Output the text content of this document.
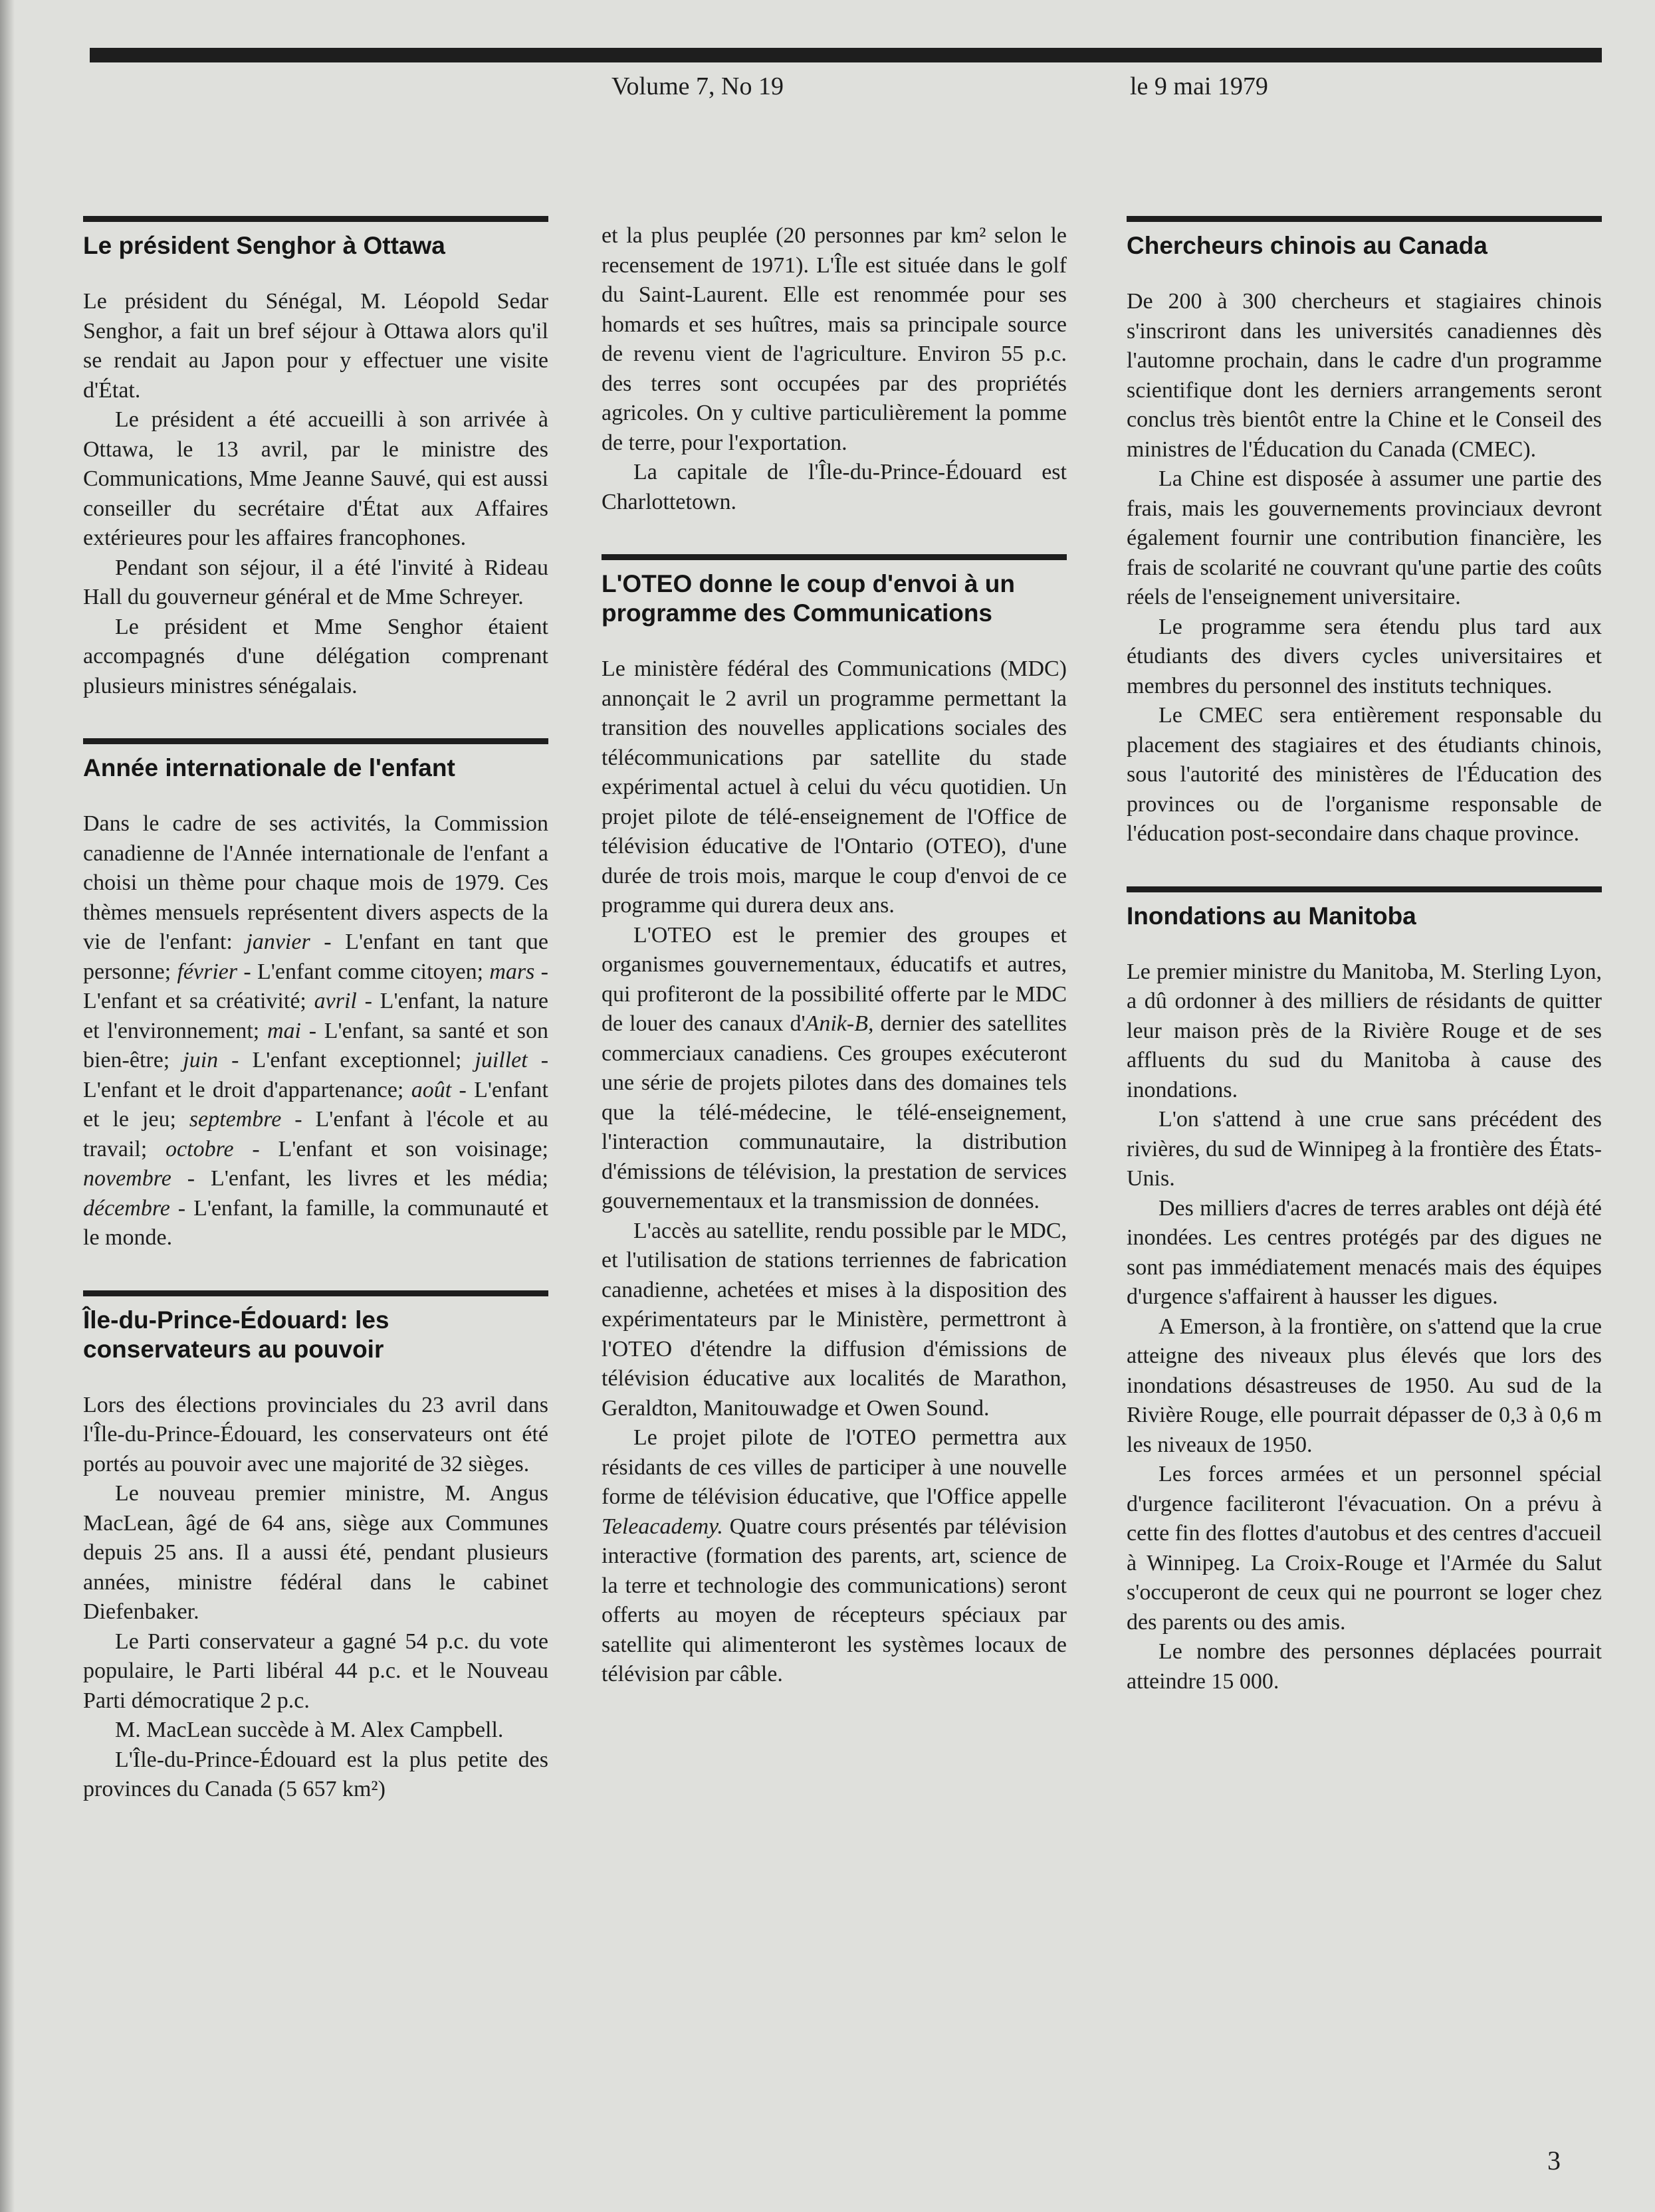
Volume 7, No 19	le 9 mai 1979
Le président Senghor à Ottawa

Le président du Sénégal, M. Léopold Sedar Senghor, a fait un bref séjour à Ottawa alors qu'il se rendait au Japon pour y effectuer une visite d'État.

Le président a été accueilli à son arrivée à Ottawa, le 13 avril, par le ministre des Communications, Mme Jeanne Sauvé, qui est aussi conseiller du secrétaire d'État aux Affaires extérieures pour les affaires francophones.

Pendant son séjour, il a été l'invité à Rideau Hall du gouverneur général et de Mme Schreyer.

Le président et Mme Senghor étaient accompagnés d'une délégation comprenant plusieurs ministres sénégalais.

Année internationale de l'enfant

Dans le cadre de ses activités, la Commission canadienne de l'Année internationale de l'enfant a choisi un thème pour chaque mois de 1979. Ces thèmes mensuels représentent divers aspects de la vie de l'enfant: janvier - L'enfant en tant que personne; février - L'enfant comme citoyen; mars - L'enfant et sa créativité; avril - L'enfant, la nature et l'environnement; mai - L'enfant, sa santé et son bien-être; juin - L'enfant exceptionnel; juillet - L'enfant et le droit d'appartenance; août - L'enfant et le jeu; septembre - L'enfant à l'école et au travail; octobre - L'enfant et son voisinage; novembre - L'enfant, les livres et les média; décembre - L'enfant, la famille, la communauté et le monde.

Île-du-Prince-Édouard: les conservateurs au pouvoir

Lors des élections provinciales du 23 avril dans l'Île-du-Prince-Édouard, les conservateurs ont été portés au pouvoir avec une majorité de 32 sièges.

Le nouveau premier ministre, M. Angus MacLean, âgé de 64 ans, siège aux Communes depuis 25 ans. Il a aussi été, pendant plusieurs années, ministre fédéral dans le cabinet Diefenbaker.

Le Parti conservateur a gagné 54 p.c. du vote populaire, le Parti libéral 44 p.c. et le Nouveau Parti démocratique 2 p.c.

M. MacLean succède à M. Alex Campbell.

L'Île-du-Prince-Édouard est la plus petite des provinces du Canada (5 657 km²)

et la plus peuplée (20 personnes par km² selon le recensement de 1971). L'Île est située dans le golf du Saint-Laurent. Elle est renommée pour ses homards et ses huîtres, mais sa principale source de revenu vient de l'agriculture. Environ 55 p.c. des terres sont occupées par des propriétés agricoles. On y cultive particulièrement la pomme de terre, pour l'exportation.

La capitale de l'Île-du-Prince-Édouard est Charlottetown.

L'OTEO donne le coup d'envoi à un programme des Communications

Le ministère fédéral des Communications (MDC) annonçait le 2 avril un programme permettant la transition des nouvelles applications sociales des télécommunications par satellite du stade expérimental actuel à celui du vécu quotidien. Un projet pilote de télé-enseignement de l'Office de télévision éducative de l'Ontario (OTEO), d'une durée de trois mois, marque le coup d'envoi de ce programme qui durera deux ans.

L'OTEO est le premier des groupes et organismes gouvernementaux, éducatifs et autres, qui profiteront de la possibilité offerte par le MDC de louer des canaux d'Anik-B, dernier des satellites commerciaux canadiens. Ces groupes exécuteront une série de projets pilotes dans des domaines tels que la télé-médecine, le télé-enseignement, l'interaction communautaire, la distribution d'émissions de télévision, la prestation de services gouvernementaux et la transmission de données.

L'accès au satellite, rendu possible par le MDC, et l'utilisation de stations terriennes de fabrication canadienne, achetées et mises à la disposition des expérimentateurs par le Ministère, permettront à l'OTEO d'étendre la diffusion d'émissions de télévision éducative aux localités de Marathon, Geraldton, Manitouwadge et Owen Sound.

Le projet pilote de l'OTEO permettra aux résidants de ces villes de participer à une nouvelle forme de télévision éducative, que l'Office appelle Teleacademy. Quatre cours présentés par télévision interactive (formation des parents, art, science de la terre et technologie des communications) seront offerts au moyen de récepteurs spéciaux par satellite qui alimenteront les systèmes locaux de télévision par câble.

Chercheurs chinois au Canada

De 200 à 300 chercheurs et stagiaires chinois s'inscriront dans les universités canadiennes dès l'automne prochain, dans le cadre d'un programme scientifique dont les derniers arrangements seront conclus très bientôt entre la Chine et le Conseil des ministres de l'Éducation du Canada (CMEC).

La Chine est disposée à assumer une partie des frais, mais les gouvernements provinciaux devront également fournir une contribution financière, les frais de scolarité ne couvrant qu'une partie des coûts réels de l'enseignement universitaire.

Le programme sera étendu plus tard aux étudiants des divers cycles universitaires et membres du personnel des instituts techniques.

Le CMEC sera entièrement responsable du placement des stagiaires et des étudiants chinois, sous l'autorité des ministères de l'Éducation des provinces ou de l'organisme responsable de l'éducation post-secondaire dans chaque province.

Inondations au Manitoba

Le premier ministre du Manitoba, M. Sterling Lyon, a dû ordonner à des milliers de résidants de quitter leur maison près de la Rivière Rouge et de ses affluents du sud du Manitoba à cause des inondations.

L'on s'attend à une crue sans précédent des rivières, du sud de Winnipeg à la frontière des États-Unis.

Des milliers d'acres de terres arables ont déjà été inondées. Les centres protégés par des digues ne sont pas immédiatement menacés mais des équipes d'urgence s'affairent à hausser les digues.

A Emerson, à la frontière, on s'attend que la crue atteigne des niveaux plus élevés que lors des inondations désastreuses de 1950. Au sud de la Rivière Rouge, elle pourrait dépasser de 0,3 à 0,6 m les niveaux de 1950.

Les forces armées et un personnel spécial d'urgence faciliteront l'évacuation. On a prévu à cette fin des flottes d'autobus et des centres d'accueil à Winnipeg. La Croix-Rouge et l'Armée du Salut s'occuperont de ceux qui ne pourront se loger chez des parents ou des amis.

Le nombre des personnes déplacées pourrait atteindre 15 000.

3
